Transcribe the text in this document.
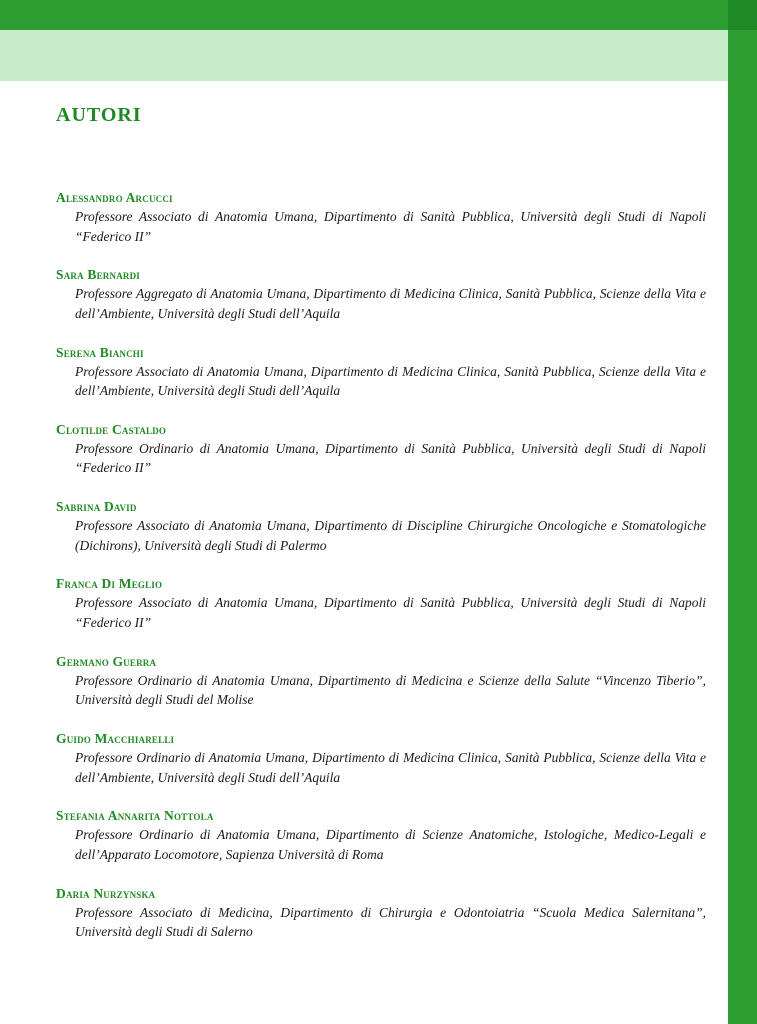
AUTORI
Alessandro Arcucci
Professore Associato di Anatomia Umana, Dipartimento di Sanità Pubblica, Università degli Studi di Napoli “Federico II”
Sara Bernardi
Professore Aggregato di Anatomia Umana, Dipartimento di Medicina Clinica, Sanità Pubblica, Scienze della Vita e dell’Ambiente, Università degli Studi dell’Aquila
Serena Bianchi
Professore Associato di Anatomia Umana, Dipartimento di Medicina Clinica, Sanità Pubblica, Scienze della Vita e dell’Ambiente, Università degli Studi dell’Aquila
Clotilde Castaldo
Professore Ordinario di Anatomia Umana, Dipartimento di Sanità Pubblica, Università degli Studi di Napoli “Federico II”
Sabrina David
Professore Associato di Anatomia Umana, Dipartimento di Discipline Chirurgiche Oncologiche e Stomatologiche (Dichirons), Università degli Studi di Palermo
Franca Di Meglio
Professore Associato di Anatomia Umana, Dipartimento di Sanità Pubblica, Università degli Studi di Napoli “Federico II”
Germano Guerra
Professore Ordinario di Anatomia Umana, Dipartimento di Medicina e Scienze della Salute “Vincenzo Tiberio”, Università degli Studi del Molise
Guido Macchiarelli
Professore Ordinario di Anatomia Umana, Dipartimento di Medicina Clinica, Sanità Pubblica, Scienze della Vita e dell’Ambiente, Università degli Studi dell’Aquila
Stefania Annarita Nottola
Professore Ordinario di Anatomia Umana, Dipartimento di Scienze Anatomiche, Istologiche, Medico-Legali e dell’Apparato Locomotore, Sapienza Università di Roma
Daria Nurzynska
Professore Associato di Medicina, Dipartimento di Chirurgia e Odontoiatria “Scuola Medica Salernitana”, Università degli Studi di Salerno
